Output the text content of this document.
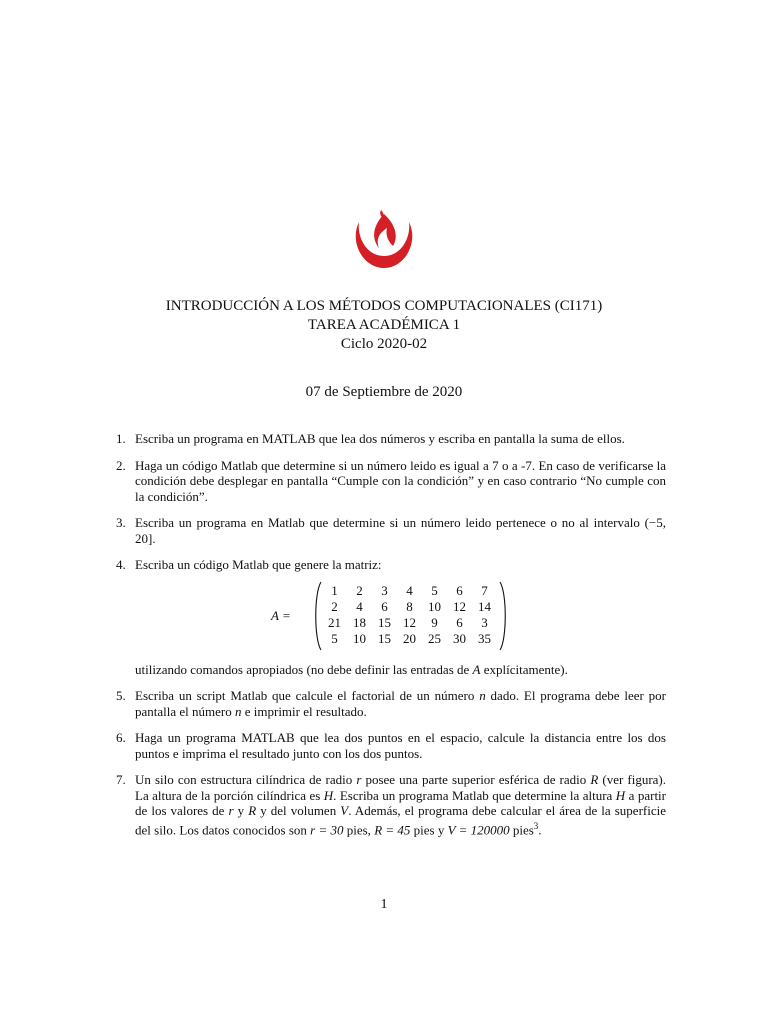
INTRODUCCIÓN A LOS MÉTODOS COMPUTACIONALES (CI171)
TAREA ACADÉMICA 1
Ciclo 2020-02
07 de Septiembre de 2020
1. Escriba un programa en MATLAB que lea dos números y escriba en pantalla la suma de ellos.
2. Haga un código Matlab que determine si un número leido es igual a 7 o a -7. En caso de verificarse la condición debe desplegar en pantalla “Cumple con la condición” y en caso contrario “No cumple con la condición”.
3. Escriba un programa en Matlab que determine si un número leido pertenece o no al intervalo (−5, 20].
4. Escriba un código Matlab que genere la matriz:
A =
1	2	3	4	5	6	7
2	4	6	8	10	12	14
21	18	15	12	9	6	3
5	10	15	20	25	30	35
utilizando comandos apropiados (no debe definir las entradas de A explícitamente).
5. Escriba un script Matlab que calcule el factorial de un número n dado. El programa debe leer por pantalla el número n e imprimir el resultado.
6. Haga un programa MATLAB que lea dos puntos en el espacio, calcule la distancia entre los dos puntos e imprima el resultado junto con los dos puntos.
7. Un silo con estructura cilíndrica de radio r posee una parte superior esférica de radio R (ver figura). La altura de la porción cilíndrica es H. Escriba un programa Matlab que determine la altura H a partir de los valores de r y R y del volumen V. Además, el programa debe calcular el área de la superficie del silo. Los datos conocidos son r = 30 pies, R = 45 pies y V = 120000 pies$^3$.
1
